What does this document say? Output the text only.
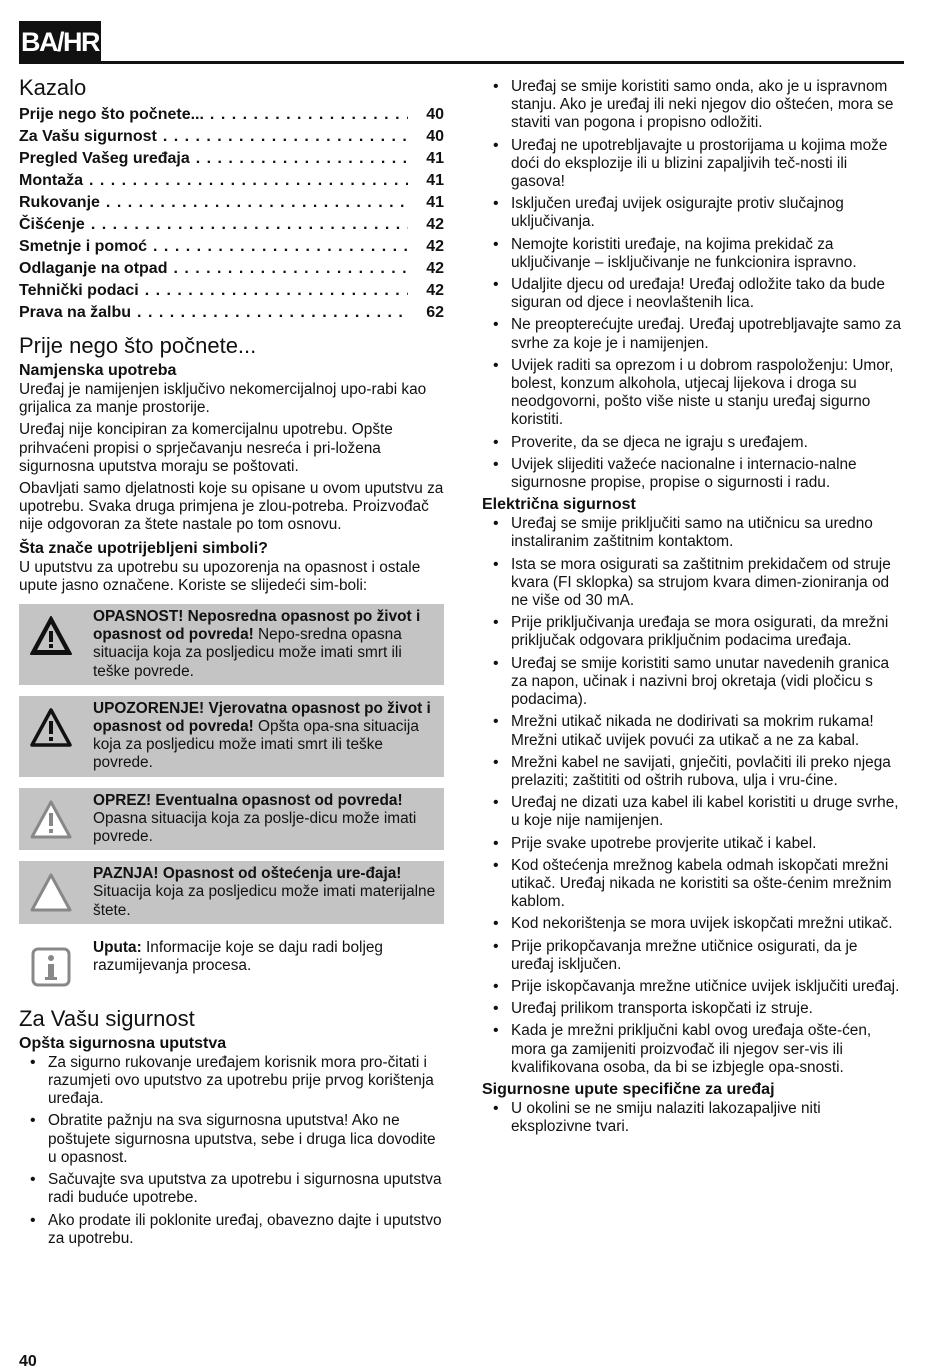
BA/HR
Kazalo
Prije nego što počnete... . . .	40
Za Vašu sigurnost . . .	40
Pregled Vašeg uređaja . . .	41
Montaža . . .	41
Rukovanje . . .	41
Čišćenje . . .	42
Smetnje i pomoć . . .	42
Odlaganje na otpad . . .	42
Tehnički podaci . . .	42
Prava na žalbu . . .	62
Prije nego što počnete...
Namjenska upotreba

Uređaj je namijenjen isključivo nekomercijalnoj upo-rabi kao grijalica za manje prostorije.

Uređaj nije koncipiran za komercijalnu upotrebu. Opšte prihvaćeni propisi o sprječavanju nesreća i pri-ložena sigurnosna uputstva moraju se poštovati.

Obavljati samo djelatnosti koje su opisane u ovom uputstvu za upotrebu. Svaka druga primjena je zlou-potreba. Proizvođač nije odgovoran za štete nastale po tom osnovu.

Šta znače upotrijebljeni simboli?

U uputstvu za upotrebu su upozorenja na opasnost i ostale upute jasno označene. Koriste se slijedeći sim-boli:

OPASNOST! Neposredna opasnost po život i opasnost od povreda! Nepo-sredna opasna situacija koja za posljedicu može imati smrt ili teške povrede.
UPOZORENJE! Vjerovatna opasnost po život i opasnost od povreda! Opšta opa-sna situacija koja za posljedicu može imati smrt ili teške povrede.
OPREZ! Eventualna opasnost od povreda! Opasna situacija koja za poslje-dicu može imati povrede.
PAZNJA! Opasnost od oštećenja ure-đaja! Situacija koja za posljedicu može imati materijalne štete.
Uputa: Informacije koje se daju radi boljeg razumijevanja procesa.
Za Vašu sigurnost
Opšta sigurnosna uputstva
• Za sigurno rukovanje uređajem korisnik mora pro-čitati i razumjeti ovo uputstvo za upotrebu prije prvog korištenja uređaja.
• Obratite pažnju na sva sigurnosna uputstva! Ako ne poštujete sigurnosna uputstva, sebe i druga lica dovodite u opasnost.
• Sačuvajte sva uputstva za upotrebu i sigurnosna uputstva radi buduće upotrebe.
• Ako prodate ili poklonite uređaj, obavezno dajte i uputstvo za upotrebu.
• Uređaj se smije koristiti samo onda, ako je u ispravnom stanju. Ako je uređaj ili neki njegov dio oštećen, mora se staviti van pogona i propisno odložiti.
• Uređaj ne upotrebljavajte u prostorijama u kojima može doći do eksplozije ili u blizini zapaljivih teč-nosti ili gasova!
• Isključen uređaj uvijek osigurajte protiv slučajnog uključivanja.
• Nemojte koristiti uređaje, na kojima prekidač za uključivanje – isključivanje ne funkcionira ispravno.
• Udaljite djecu od uređaja! Uređaj odložite tako da bude siguran od djece i neovlaštenih lica.
• Ne preopterećujte uređaj. Uređaj upotrebljavajte samo za svrhe za koje je i namijenjen.
• Uvijek raditi sa oprezom i u dobrom raspoloženju: Umor, bolest, konzum alkohola, utjecaj lijekova i droga su neodgovorni, pošto više niste u stanju uređaj sigurno koristiti.
• Proverite, da se djeca ne igraju s uređajem.
• Uvijek slijediti važeće nacionalne i internacio-nalne sigurnosne propise, propise o sigurnosti i radu.
Električna sigurnost
• Uređaj se smije priključiti samo na utičnicu sa uredno instaliranim zaštitnim kontaktom.
• Ista se mora osigurati sa zaštitnim prekidačem od struje kvara (FI sklopka) sa strujom kvara dimen-zioniranja od ne više od 30 mA.
• Prije priključivanja uređaja se mora osigurati, da mrežni priključak odgovara priključnim podacima uređaja.
• Uređaj se smije koristiti samo unutar navedenih granica za napon, učinak i nazivni broj okretaja (vidi pločicu s podacima).
• Mrežni utikač nikada ne dodirivati sa mokrim rukama! Mrežni utikač uvijek povući za utikač a ne za kabal.
• Mrežni kabel ne savijati, gnječiti, povlačiti ili preko njega prelaziti; zaštititi od oštrih rubova, ulja i vru-ćine.
• Uređaj ne dizati uza kabel ili kabel koristiti u druge svrhe, u koje nije namijenjen.
• Prije svake upotrebe provjerite utikač i kabel.
• Kod oštećenja mrežnog kabela odmah iskopčati mrežni utikač. Uređaj nikada ne koristiti sa ošte-ćenim mrežnim kablom.
• Kod nekorištenja se mora uvijek iskopčati mrežni utikač.
• Prije prikopčavanja mrežne utičnice osigurati, da je uređaj isključen.
• Prije iskopčavanja mrežne utičnice uvijek isključiti uređaj.
• Uređaj prilikom transporta iskopčati iz struje.
• Kada je mrežni priključni kabl ovog uređaja ošte-ćen, mora ga zamijeniti proizvođač ili njegov ser-vis ili kvalifikovana osoba, da bi se izbjegle opa-snosti.
Sigurnosne upute specifične za uređaj
• U okolini se ne smiju nalaziti lakozapaljive niti eksplozivne tvari.
40
